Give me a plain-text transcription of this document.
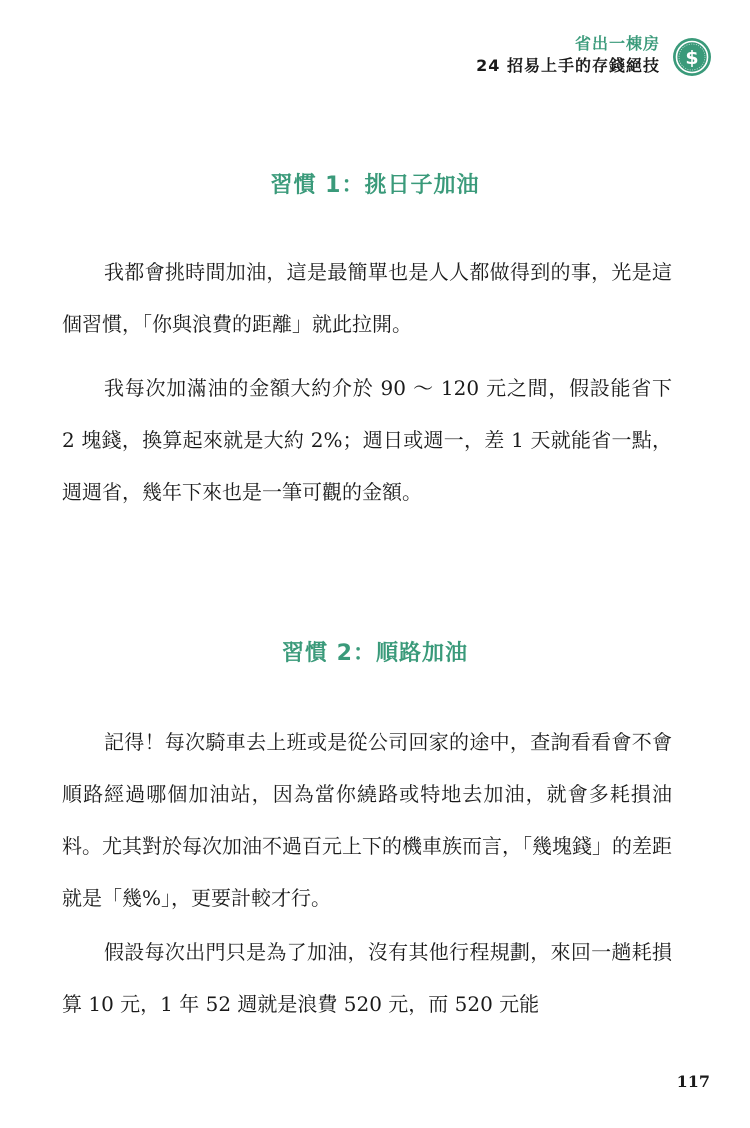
省出一棟房
24 招易上手的存錢絕技 $
習慣 1：挑日子加油

我都會挑時間加油，這是最簡單也是人人都做得到的事，光是這個習慣，「你與浪費的距離」就此拉開。

我每次加滿油的金額大約介於 90 ～ 120 元之間，假設能省下 2 塊錢，換算起來就是大約 2%；週日或週一，差 1 天就能省一點，週週省，幾年下來也是一筆可觀的金額。

習慣 2：順路加油

記得！每次騎車去上班或是從公司回家的途中，查詢看看會不會順路經過哪個加油站，因為當你繞路或特地去加油，就會多耗損油料。尤其對於每次加油不過百元上下的機車族而言，「幾塊錢」的差距就是「幾%」，更要計較才行。

假設每次出門只是為了加油，沒有其他行程規劃，來回一趟耗損算 10 元，1 年 52 週就是浪費 520 元，而 520 元能

117
